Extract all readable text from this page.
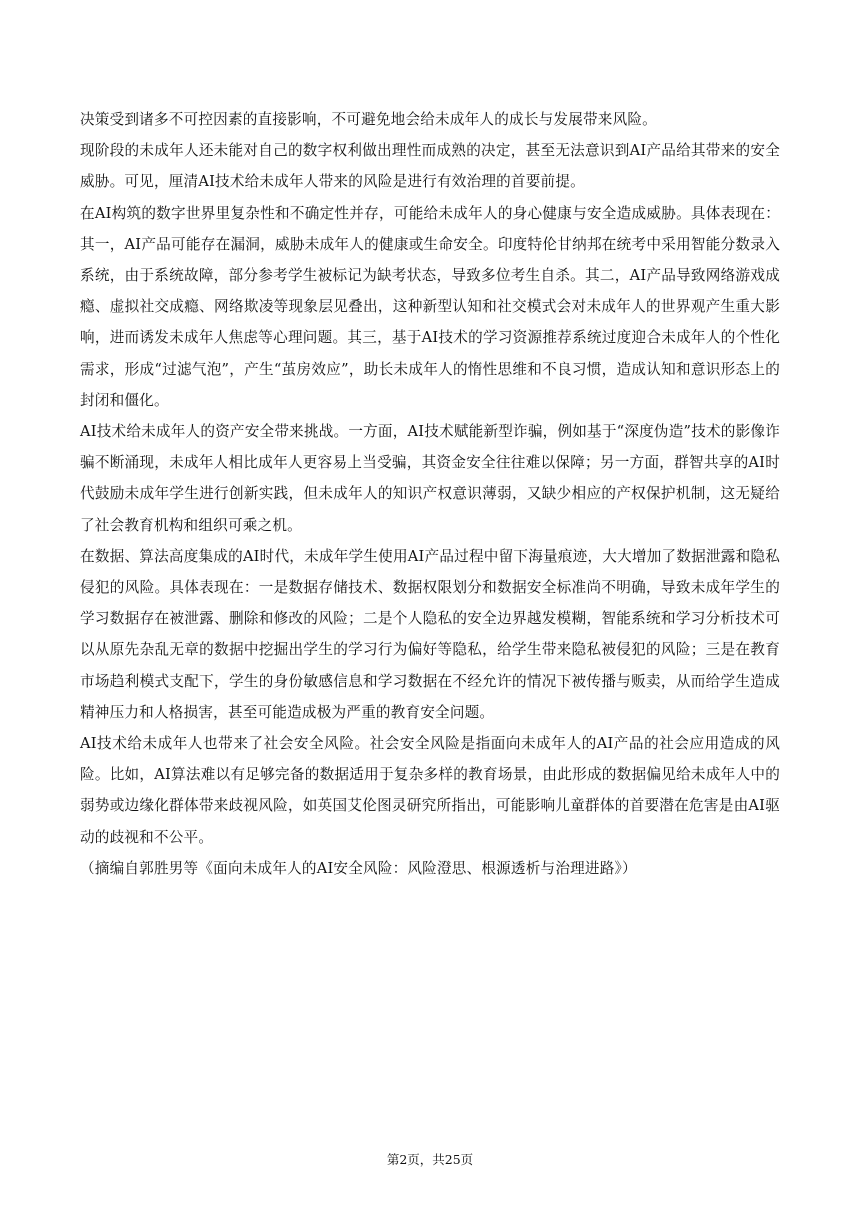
决策受到诸多不可控因素的直接影响，不可避免地会给未成年人的成长与发展带来风险。

现阶段的未成年人还未能对自己的数字权利做出理性而成熟的决定，甚至无法意识到AI产品给其带来的安全威胁。可见，厘清AI技术给未成年人带来的风险是进行有效治理的首要前提。

在AI构筑的数字世界里复杂性和不确定性并存，可能给未成年人的身心健康与安全造成威胁。具体表现在：其一，AI产品可能存在漏洞，威胁未成年人的健康或生命安全。印度特伦甘纳邦在统考中采用智能分数录入系统，由于系统故障，部分参考学生被标记为缺考状态，导致多位考生自杀。其二，AI产品导致网络游戏成瘾、虚拟社交成瘾、网络欺凌等现象层见叠出，这种新型认知和社交模式会对未成年人的世界观产生重大影响，进而诱发未成年人焦虑等心理问题。其三，基于AI技术的学习资源推荐系统过度迎合未成年人的个性化需求，形成“过滤气泡”，产生“茧房效应”，助长未成年人的惰性思维和不良习惯，造成认知和意识形态上的封闭和僵化。

AI技术给未成年人的资产安全带来挑战。一方面，AI技术赋能新型诈骗，例如基于“深度伪造”技术的影像诈骗不断涌现，未成年人相比成年人更容易上当受骗，其资金安全往往难以保障；另一方面，群智共享的AI时代鼓励未成年学生进行创新实践，但未成年人的知识产权意识薄弱，又缺少相应的产权保护机制，这无疑给了社会教育机构和组织可乘之机。

在数据、算法高度集成的AI时代，未成年学生使用AI产品过程中留下海量痕迹，大大增加了数据泄露和隐私侵犯的风险。具体表现在：一是数据存储技术、数据权限划分和数据安全标准尚不明确，导致未成年学生的学习数据存在被泄露、删除和修改的风险；二是个人隐私的安全边界越发模糊，智能系统和学习分析技术可以从原先杂乱无章的数据中挖掘出学生的学习行为偏好等隐私，给学生带来隐私被侵犯的风险；三是在教育市场趋利模式支配下，学生的身份敏感信息和学习数据在不经允许的情况下被传播与贩卖，从而给学生造成精神压力和人格损害，甚至可能造成极为严重的教育安全问题。

AI技术给未成年人也带来了社会安全风险。社会安全风险是指面向未成年人的AI产品的社会应用造成的风险。比如，AI算法难以有足够完备的数据适用于复杂多样的教育场景，由此形成的数据偏见给未成年人中的弱势或边缘化群体带来歧视风险，如英国艾伦图灵研究所指出，可能影响儿童群体的首要潜在危害是由AI驱动的歧视和不公平。

（摘编自郭胜男等《面向未成年人的AI安全风险：风险澄思、根源透析与治理进路》）

第2页，共25页
